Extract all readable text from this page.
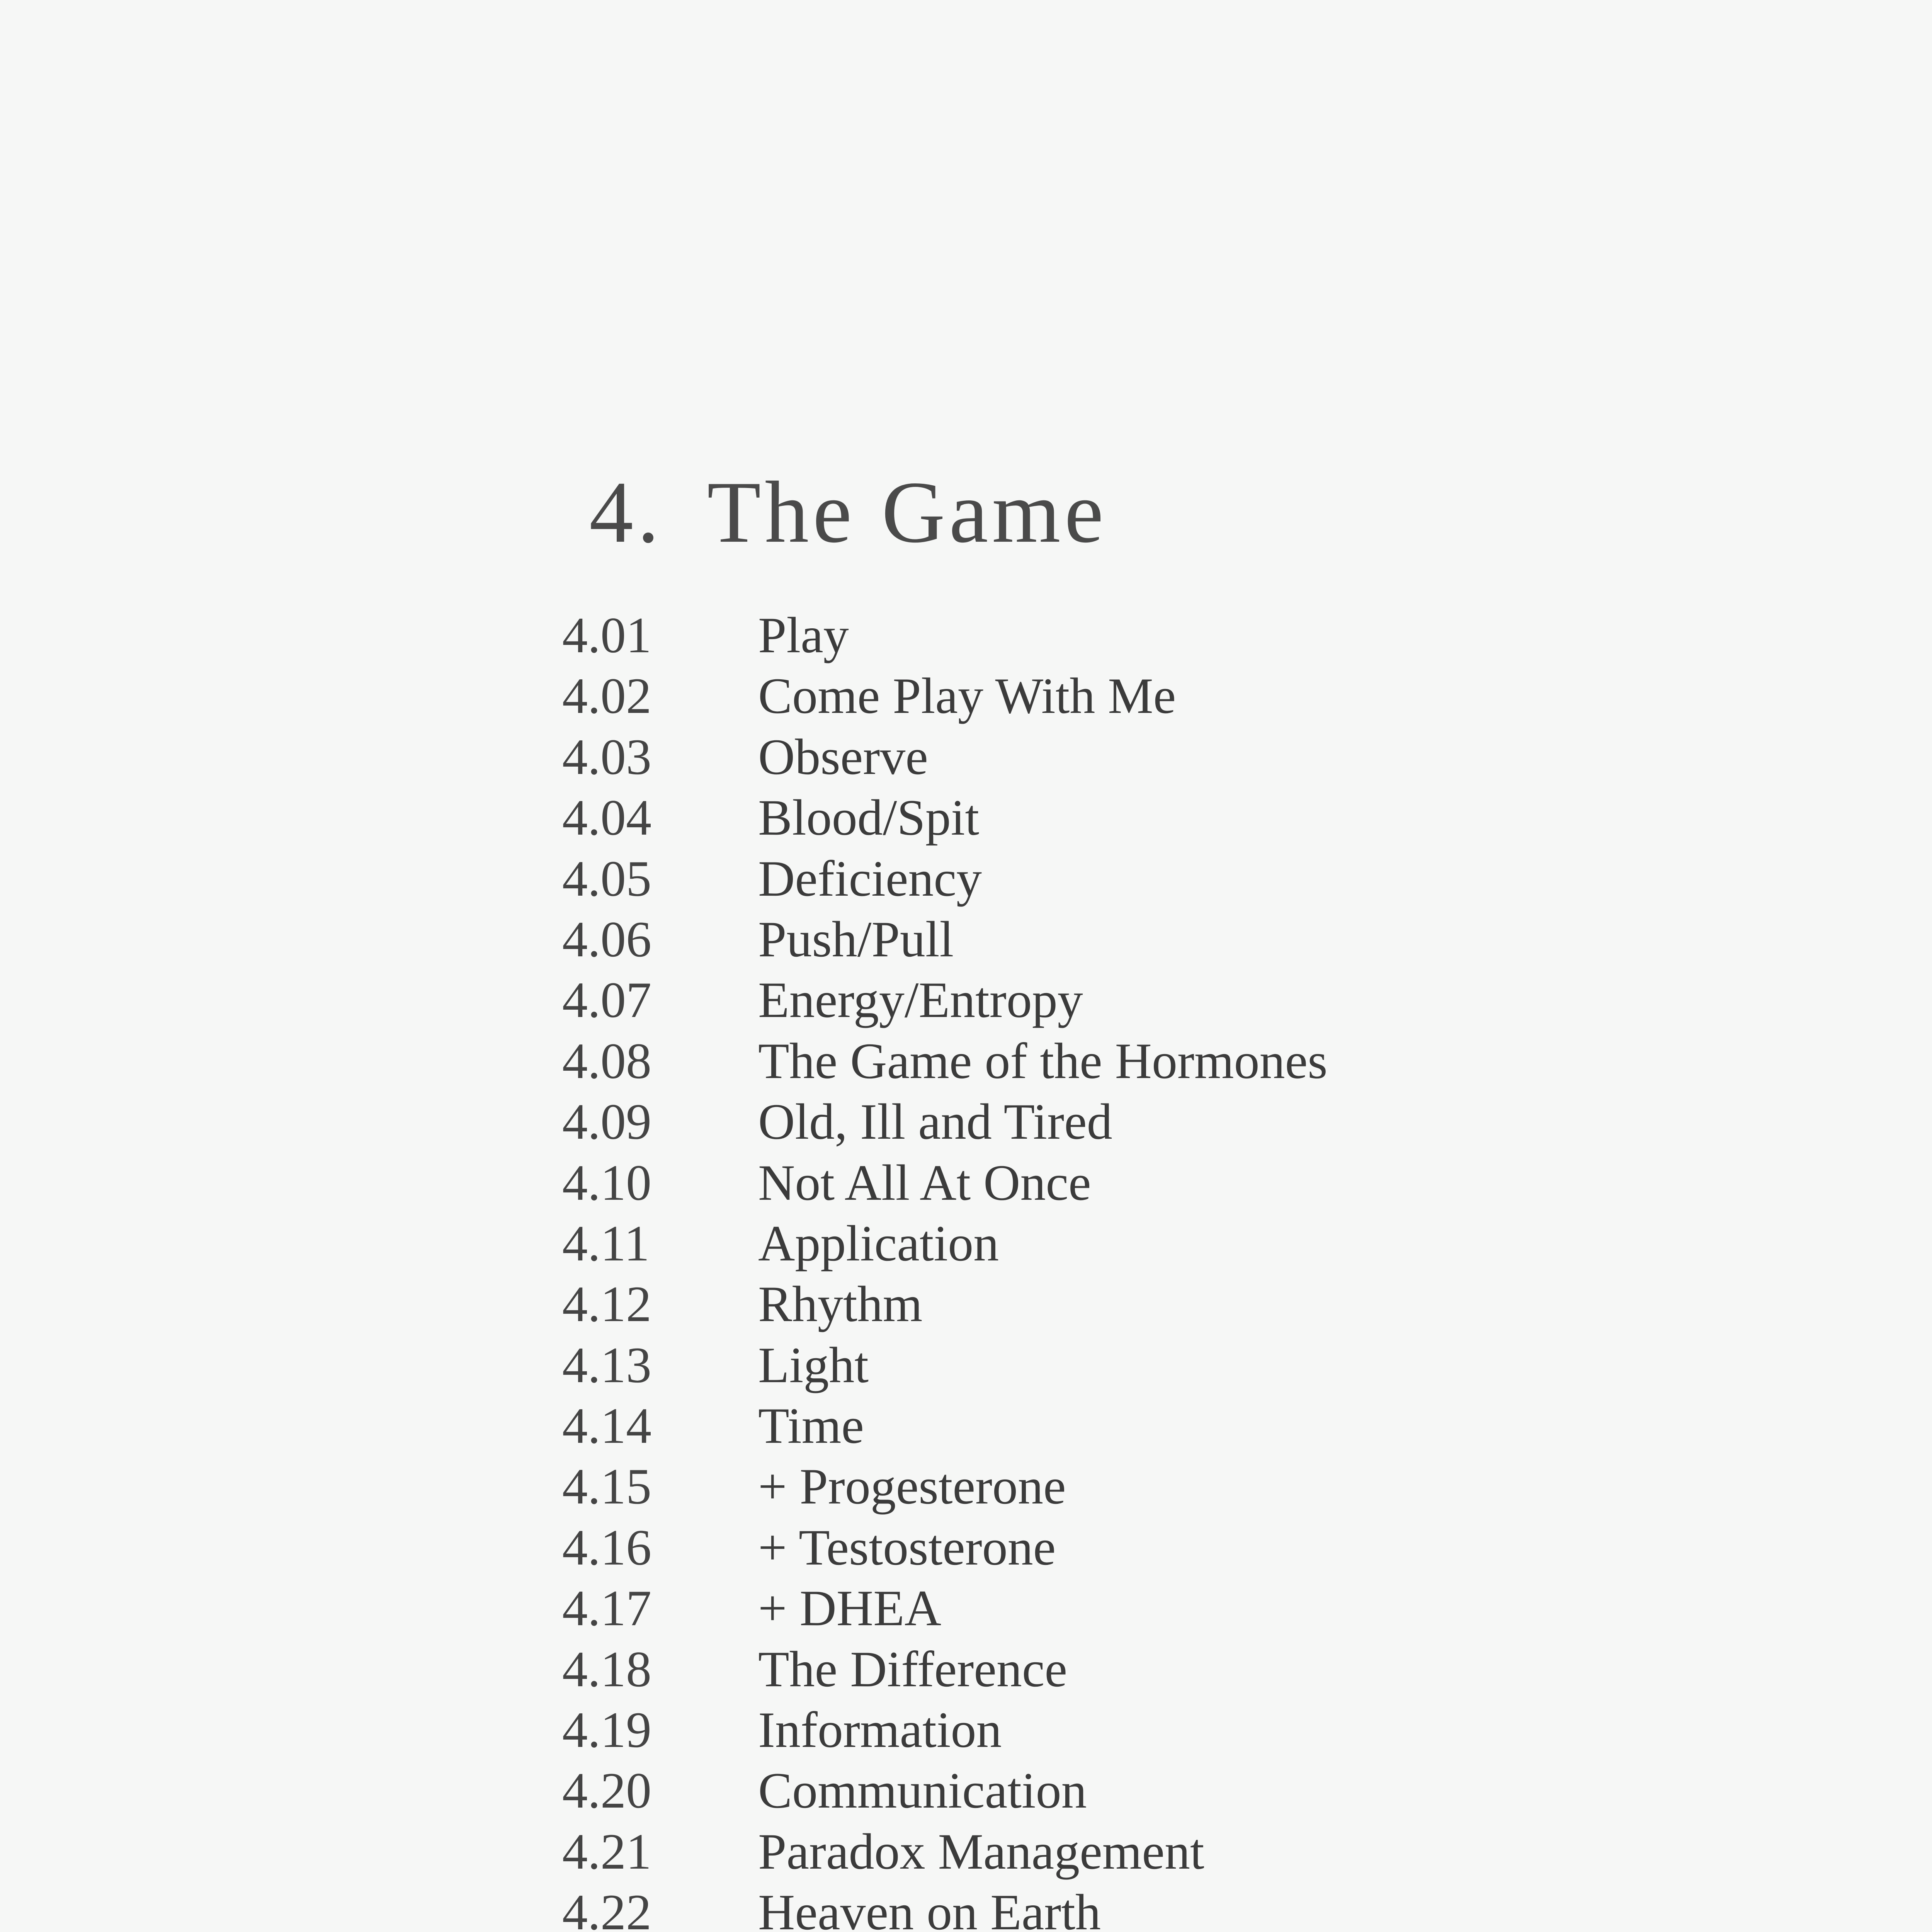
4. The Game
4.01	Play
4.02	Come Play With Me
4.03	Observe
4.04	Blood/Spit
4.05	Deficiency
4.06	Push/Pull
4.07	Energy/Entropy
4.08	The Game of the Hormones
4.09	Old, Ill and Tired
4.10	Not All At Once
4.11	Application
4.12	Rhythm
4.13	Light
4.14	Time
4.15	+ Progesterone
4.16	+ Testosterone
4.17	+ DHEA
4.18	The Difference
4.19	Information
4.20	Communication
4.21	Paradox Management
4.22	Heaven on Earth
